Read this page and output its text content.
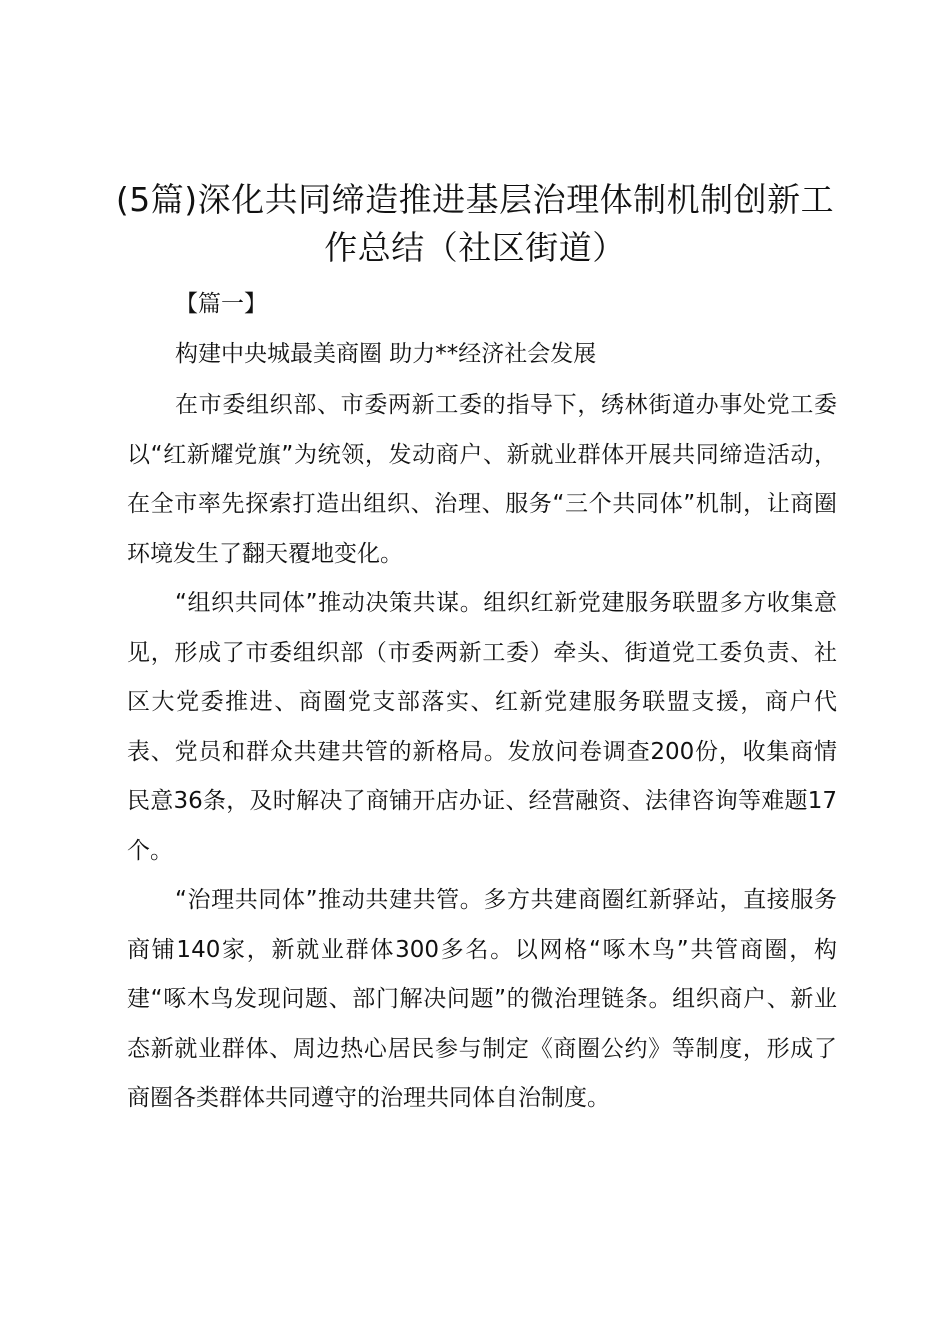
(5篇)深化共同缔造推进基层治理体制机制创新工作总结（社区街道）
【篇一】
构建中央城最美商圈 助力**经济社会发展

在市委组织部、市委两新工委的指导下，绣林街道办事处党工委以“红新耀党旗”为统领，发动商户、新就业群体开展共同缔造活动，在全市率先探索打造出组织、治理、服务“三个共同体”机制，让商圈环境发生了翻天覆地变化。

“组织共同体”推动决策共谋。组织红新党建服务联盟多方收集意见，形成了市委组织部（市委两新工委）牵头、街道党工委负责、社区大党委推进、商圈党支部落实、红新党建服务联盟支援，商户代表、党员和群众共建共管的新格局。发放问卷调查200份，收集商情民意36条，及时解决了商铺开店办证、经营融资、法律咨询等难题17个。

“治理共同体”推动共建共管。多方共建商圈红新驿站，直接服务商铺140家，新就业群体300多名。以网格“啄木鸟”共管商圈，构建“啄木鸟发现问题、部门解决问题”的微治理链条。组织商户、新业态新就业群体、周边热心居民参与制定《商圈公约》等制度，形成了商圈各类群体共同遵守的治理共同体自治制度。
